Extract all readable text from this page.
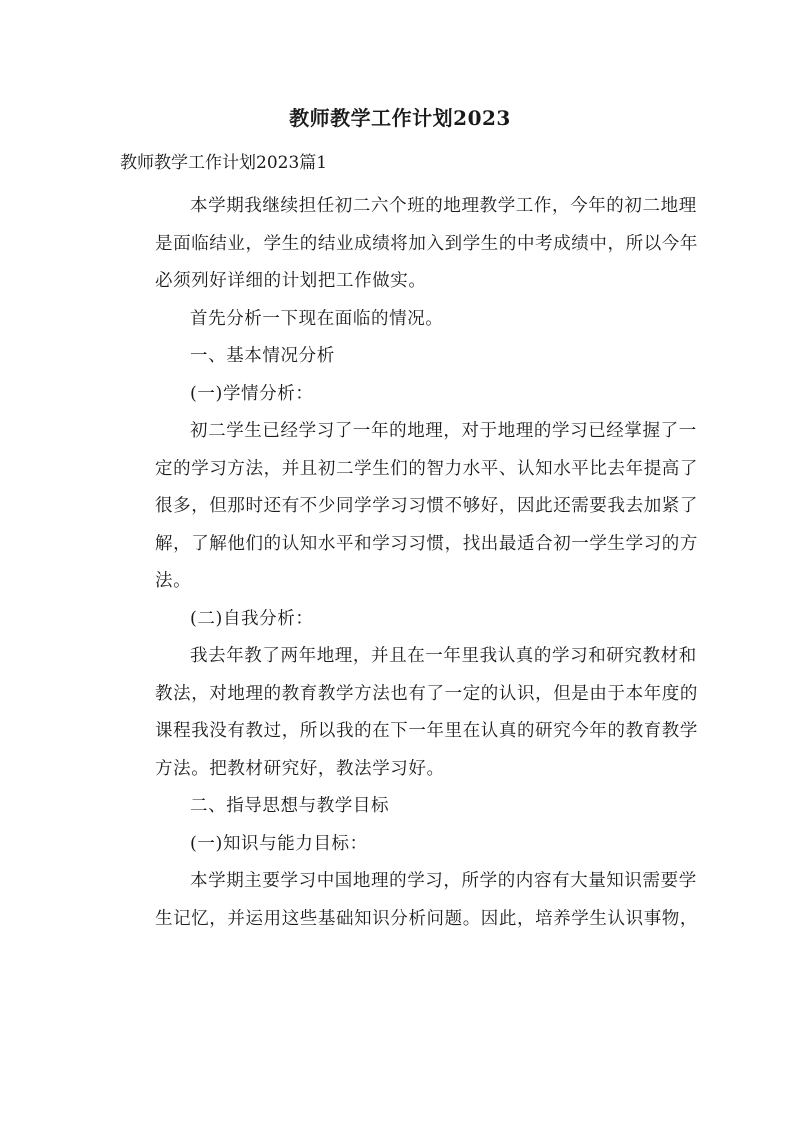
教师教学工作计划2023
教师教学工作计划2023篇1
本学期我继续担任初二六个班的地理教学工作，今年的初二地理
是面临结业，学生的结业成绩将加入到学生的中考成绩中，所以今年
必须列好详细的计划把工作做实。
首先分析一下现在面临的情况。
一、基本情况分析
(一)学情分析：
初二学生已经学习了一年的地理，对于地理的学习已经掌握了一
定的学习方法，并且初二学生们的智力水平、认知水平比去年提高了
很多，但那时还有不少同学学习习惯不够好，因此还需要我去加紧了
解，了解他们的认知水平和学习习惯，找出最适合初一学生学习的方
法。
(二)自我分析：
我去年教了两年地理，并且在一年里我认真的学习和研究教材和
教法，对地理的教育教学方法也有了一定的认识，但是由于本年度的
课程我没有教过，所以我的在下一年里在认真的研究今年的教育教学
方法。把教材研究好，教法学习好。
二、指导思想与教学目标
(一)知识与能力目标：
本学期主要学习中国地理的学习，所学的内容有大量知识需要学
生记忆，并运用这些基础知识分析问题。因此，培养学生认识事物，
